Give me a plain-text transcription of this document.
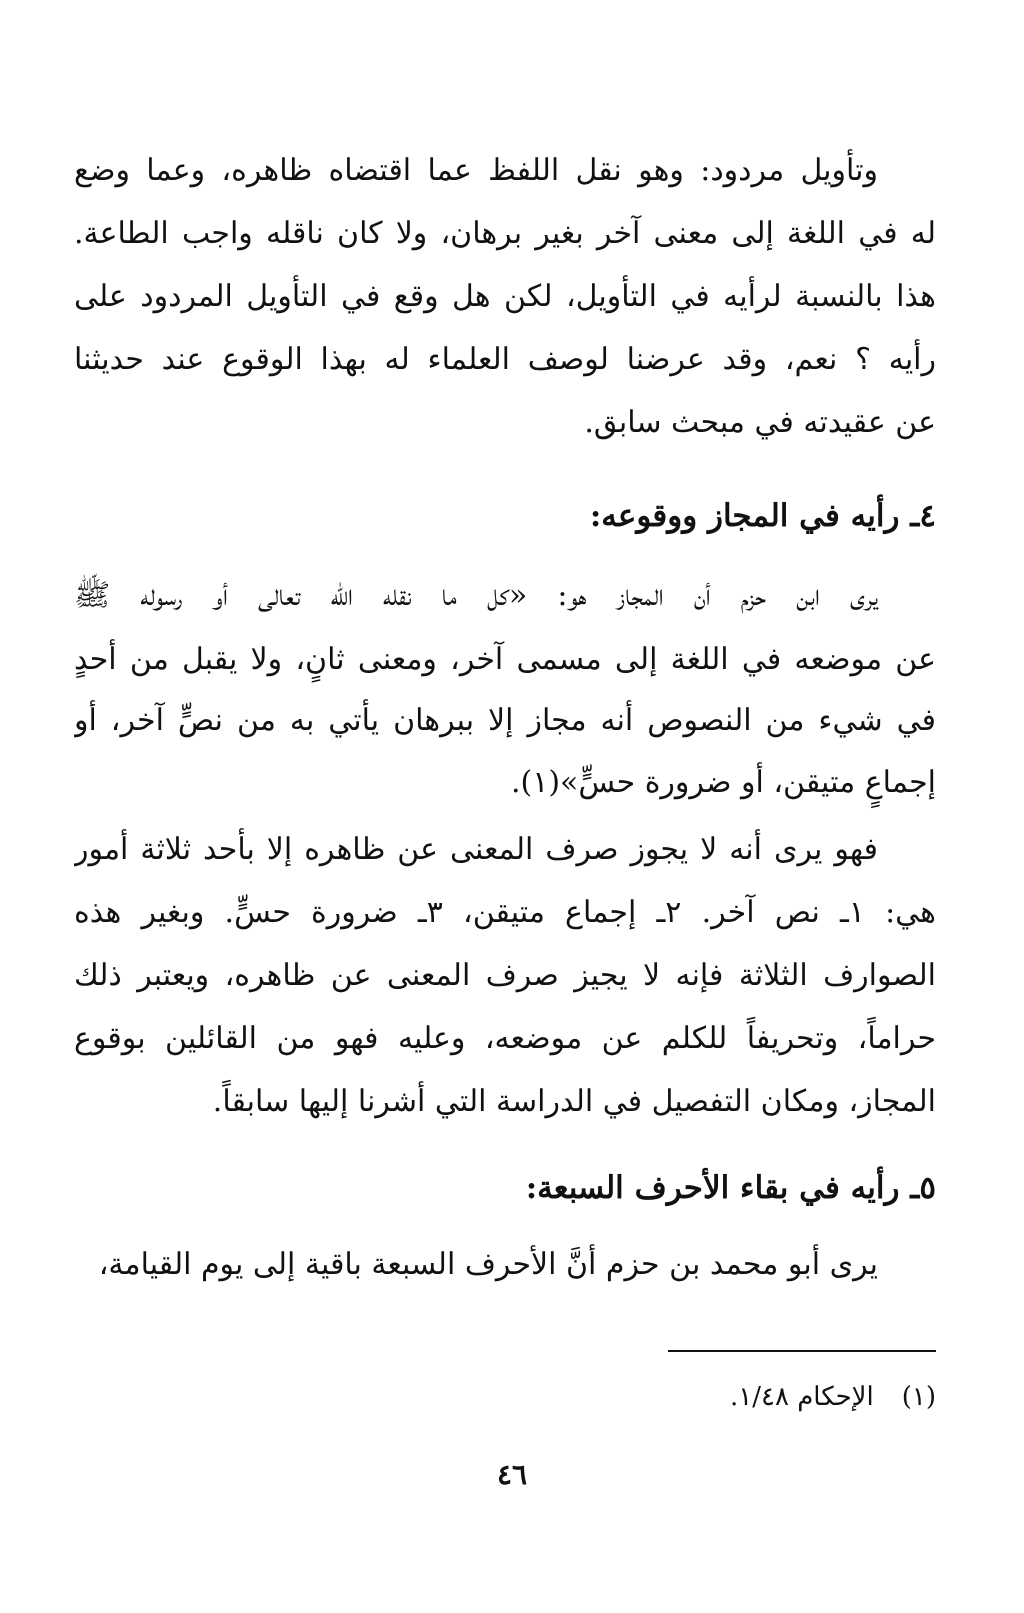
وتأويل مردود: وهو نقل اللفظ عما اقتضاه ظاهره، وعما وضع
له في اللغة إلى معنى آخر بغير برهان، ولا كان ناقله واجب الطاعة.
هذا بالنسبة لرأيه في التأويل، لكن هل وقع في التأويل المردود على
رأيه ؟ نعم، وقد عرضنا لوصف العلماء له بهذا الوقوع عند حديثنا
عن عقيدته في مبحث سابق.
٤ـ رأيه في المجاز ووقوعه:
يرى ابن حزم أن المجاز هو: «كل ما نقله الله تعالى أو رسوله ﷺ
عن موضعه في اللغة إلى مسمى آخر، ومعنى ثانٍ، ولا يقبل من أحدٍ
في شيء من النصوص أنه مجاز إلا ببرهان يأتي به من نصٍّ آخر، أو
إجماعٍ متيقن، أو ضرورة حسٍّ»(١).
فهو يرى أنه لا يجوز صرف المعنى عن ظاهره إلا بأحد ثلاثة أمور
هي: ١ـ نص آخر. ٢ـ إجماع متيقن، ٣ـ ضرورة حسٍّ. وبغير هذه
الصوارف الثلاثة فإنه لا يجيز صرف المعنى عن ظاهره، ويعتبر ذلك
حراماً، وتحريفاً للكلم عن موضعه، وعليه فهو من القائلين بوقوع
المجاز، ومكان التفصيل في الدراسة التي أشرنا إليها سابقاً.
٥ـ رأيه في بقاء الأحرف السبعة:
يرى أبو محمد بن حزم أنَّ الأحرف السبعة باقية إلى يوم القيامة،
(١)الإحكام ١/٤٨.
٤٦
